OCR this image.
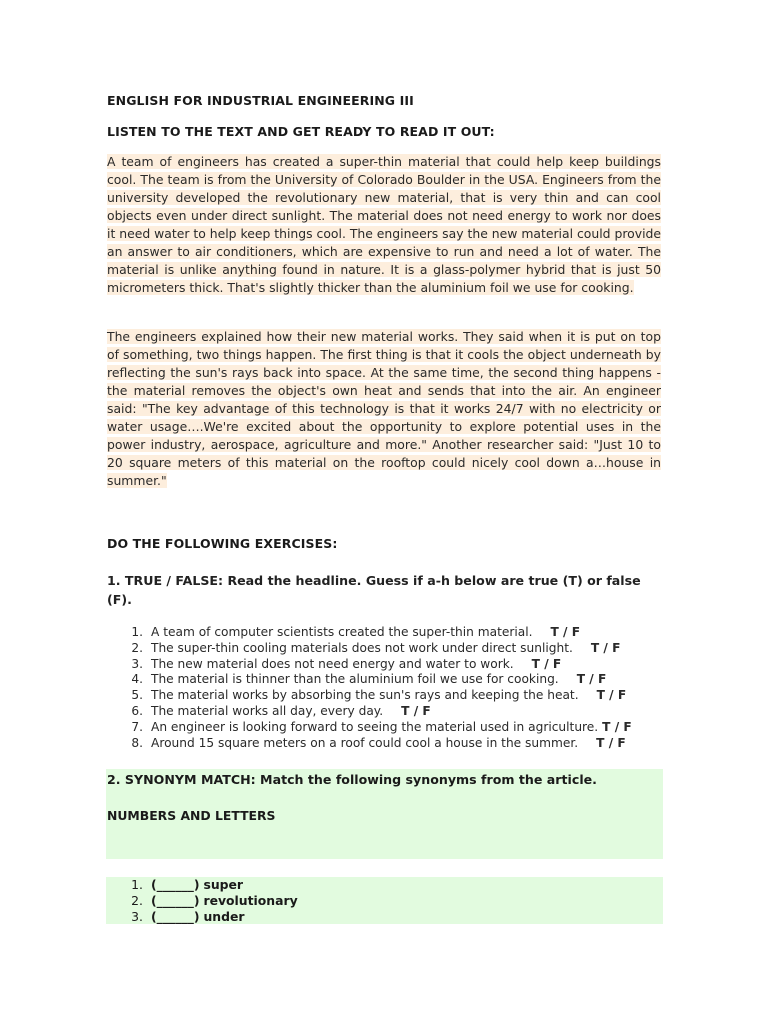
ENGLISH FOR INDUSTRIAL ENGINEERING III
LISTEN TO THE TEXT AND GET READY TO READ IT OUT:

A team of engineers has created a super-thin material that could help keep buildings cool. The team is from the University of Colorado Boulder in the USA. Engineers from the university developed the revolutionary new material, that is very thin and can cool objects even under direct sunlight. The material does not need energy to work nor does it need water to help keep things cool. The engineers say the new material could provide an answer to air conditioners, which are expensive to run and need a lot of water. The material is unlike anything found in nature. It is a glass-polymer hybrid that is just 50 micrometers thick. That's slightly thicker than the aluminium foil we use for cooking.

The engineers explained how their new material works. They said when it is put on top of something, two things happen. The first thing is that it cools the object underneath by reflecting the sun's rays back into space. At the same time, the second thing happens - the material removes the object's own heat and sends that into the air. An engineer said: "The key advantage of this technology is that it works 24/7 with no electricity or water usage….We're excited about the opportunity to explore potential uses in the power industry, aerospace, agriculture and more." Another researcher said: "Just 10 to 20 square meters of this material on the rooftop could nicely cool down a…house in summer."

DO THE FOLLOWING EXERCISES:

1. TRUE / FALSE: Read the headline. Guess if a-h below are true (T) or false (F).

1. A team of computer scientists created the super-thin material. T / F
2. The super-thin cooling materials does not work under direct sunlight. T / F
3. The new material does not need energy and water to work. T / F
4. The material is thinner than the aluminium foil we use for cooking. T / F
5. The material works by absorbing the sun's rays and keeping the heat. T / F
6. The material works all day, every day. T / F
7. An engineer is looking forward to seeing the material used in agriculture. T / F
8. Around 15 square meters on a roof could cool a house in the summer. T / F

2. SYNONYM MATCH: Match the following synonyms from the article.

NUMBERS AND LETTERS

1. (______) super
2. (______) revolutionary
3. (______) under
